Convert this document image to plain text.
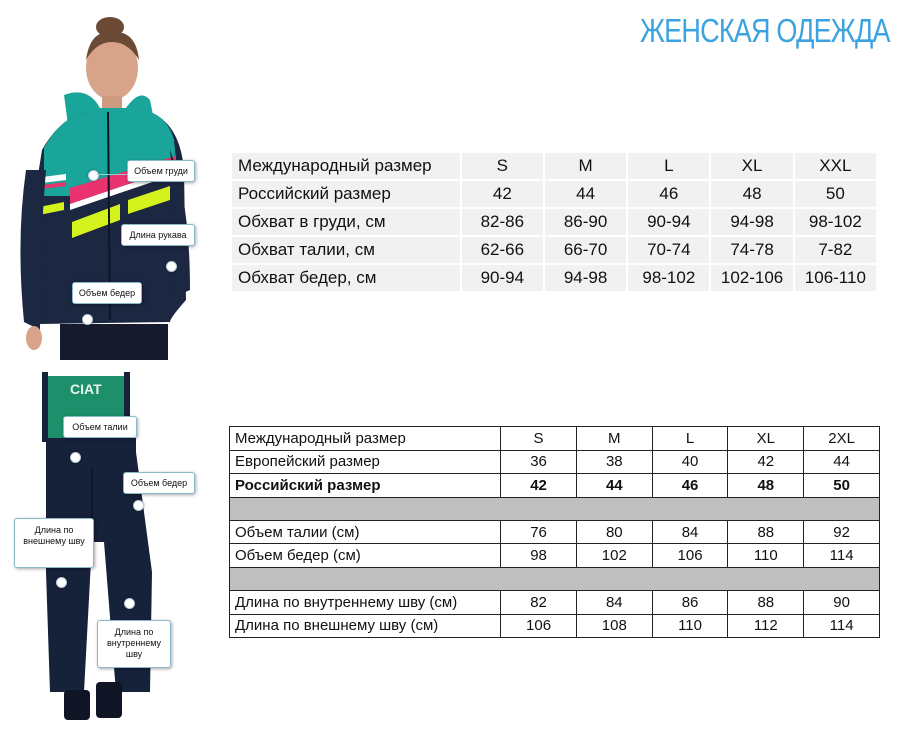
ЖЕНСКАЯ ОДЕЖДА
Объем груди
Длина рукава
Объем бедер
CIAT
Объем талии
Объем бедер
Длина по внешнему шву
Длина по внутреннему шву
Международный размер	S	M	L	XL	XXL
Российский размер	42	44	46	48	50
Обхват в груди, см	82-86	86-90	90-94	94-98	98-102
Обхват талии, см	62-66	66-70	70-74	74-78	7-82
Обхват бедер, см	90-94	94-98	98-102	102-106	106-110
Международный размер	S	M	L	XL	2XL
Европейский размер	36	38	40	42	44
Российский размер	42	44	46	48	50

Объем талии (см)	76	80	84	88	92
Объем бедер (см)	98	102	106	110	114

Длина по внутреннему шву (см)	82	84	86	88	90
Длина по внешнему шву (см)	106	108	110	112	114
